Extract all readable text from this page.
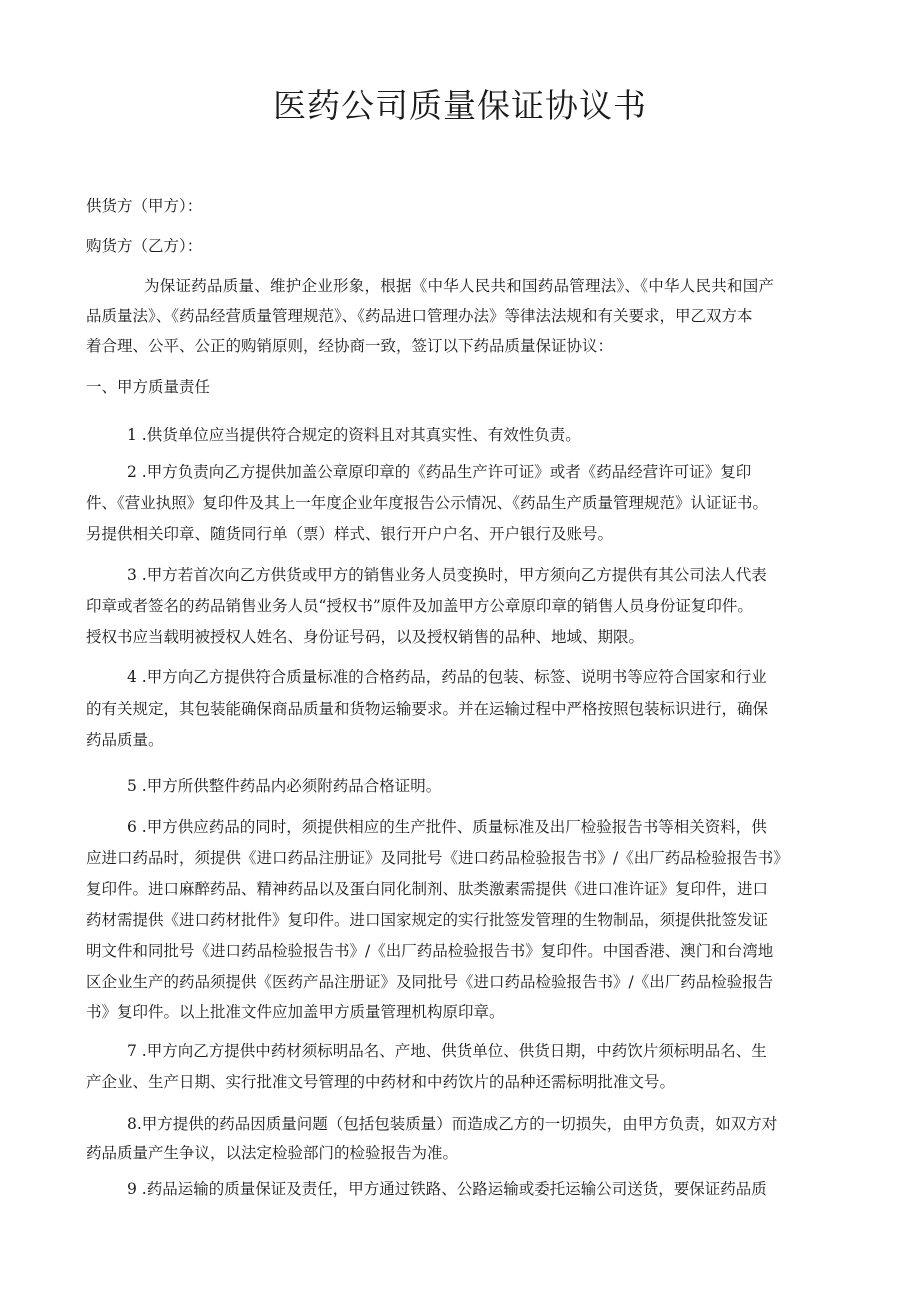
医药公司质量保证协议书
供货方（甲方）：
购货方（乙方）：
为保证药品质量、维护企业形象，根据《中华人民共和国药品管理法》、《中华人民共和国产
品质量法》、《药品经营质量管理规范》、《药品进口管理办法》等律法法规和有关要求，甲乙双方本
着合理、公平、公正的购销原则，经协商一致，签订以下药品质量保证协议：
一、甲方质量责任
1 .供货单位应当提供符合规定的资料且对其真实性、有效性负责。
2 .甲方负责向乙方提供加盖公章原印章的《药品生产许可证》或者《药品经营许可证》复印
件、《营业执照》复印件及其上一年度企业年度报告公示情况、《药品生产质量管理规范》认证证书。
另提供相关印章、随货同行单（票）样式、银行开户户名、开户银行及账号。
3 .甲方若首次向乙方供货或甲方的销售业务人员变换时，甲方须向乙方提供有其公司法人代表
印章或者签名的药品销售业务人员“授权书”原件及加盖甲方公章原印章的销售人员身份证复印件。
授权书应当载明被授权人姓名、身份证号码，以及授权销售的品种、地域、期限。
4 .甲方向乙方提供符合质量标准的合格药品，药品的包装、标签、说明书等应符合国家和行业
的有关规定，其包装能确保商品质量和货物运输要求。并在运输过程中严格按照包装标识进行，确保
药品质量。
5 .甲方所供整件药品内必须附药品合格证明。
6 .甲方供应药品的同时，须提供相应的生产批件、质量标准及出厂检验报告书等相关资料，供
应进口药品时，须提供《进口药品注册证》及同批号《进口药品检验报告书》/《出厂药品检验报告书》
复印件。进口麻醉药品、精神药品以及蛋白同化制剂、肽类激素需提供《进口准许证》复印件，进口
药材需提供《进口药材批件》复印件。进口国家规定的实行批签发管理的生物制品，须提供批签发证
明文件和同批号《进口药品检验报告书》/《出厂药品检验报告书》复印件。中国香港、澳门和台湾地
区企业生产的药品须提供《医药产品注册证》及同批号《进口药品检验报告书》/《出厂药品检验报告
书》复印件。以上批准文件应加盖甲方质量管理机构原印章。
7 .甲方向乙方提供中药材须标明品名、产地、供货单位、供货日期，中药饮片须标明品名、生
产企业、生产日期、实行批准文号管理的中药材和中药饮片的品种还需标明批准文号。
8.甲方提供的药品因质量问题（包括包装质量）而造成乙方的一切损失，由甲方负责，如双方对
药品质量产生争议，以法定检验部门的检验报告为准。
9 .药品运输的质量保证及责任，甲方通过铁路、公路运输或委托运输公司送货，要保证药品质
